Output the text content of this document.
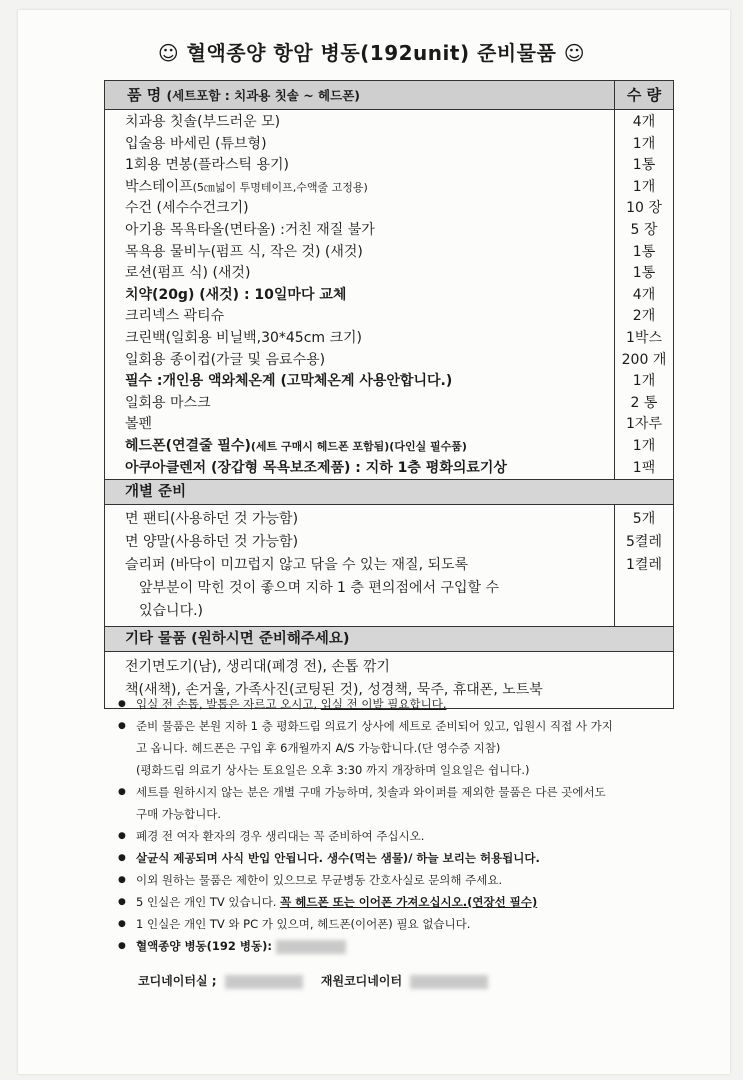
☺ 혈액종양 항암 병동(192unit) 준비물품 ☺
품 명 (세트포함 : 치과용 칫솔 ~ 헤드폰)	수 량
치과용 칫솔(부드러운 모)
입술용 바세린 (튜브형)
1회용 면봉(플라스틱 용기)
박스테이프(5㎝넓이 투명테이프,수액줄 고정용)
수건 (세수수건크기)
아기용 목욕타올(면타올) :거친 재질 불가
목욕용 물비누(펌프 식, 작은 것) (새것)
로션(펌프 식) (새것)
치약(20g) (새것) : 10일마다 교체
크리넥스 곽티슈
크린백(일회용 비닐백,30*45cm 크기)
일회용 종이컵(가글 및 음료수용)
필수 :개인용 액와체온계 (고막체온계 사용안합니다.)
일회용 마스크
볼펜
헤드폰(연결줄 필수)(세트 구매시 헤드폰 포함됨)(다인실 필수품)
아쿠아클렌저 (장갑형 목욕보조제품) : 지하 1층 평화의료기상
4개
1개
1통
1개
10 장
5 장
1통
1통
4개
2개
1박스
200 개
1개
2 통
1자루
1개
1팩
개별 준비
면 팬티(사용하던 것 가능함)
면 양말(사용하던 것 가능함)
슬리퍼 (바닥이 미끄럽지 않고 닦을 수 있는 재질, 되도록
앞부분이 막힌 것이 좋으며 지하 1 층 편의점에서 구입할 수
있습니다.)
5개
5켤레
1켤레
기타 물품 (원하시면 준비해주세요)
전기면도기(남), 생리대(폐경 전), 손톱 깎기
책(새책), 손거울, 가족사진(코팅된 것), 성경책, 묵주, 휴대폰, 노트북
● 입실 전 손톱, 발톱은 자르고 오시고, 입실 전 이발 필요합니다.
● 준비 물품은 본원 지하 1 층 평화드림 의료기 상사에 세트로 준비되어 있고, 입원시 직접 사 가지고 옵니다. 헤드폰은 구입 후 6개월까지 A/S 가능합니다.(단 영수증 지참)
(평화드림 의료기 상사는 토요일은 오후 3:30 까지 개장하며 일요일은 쉽니다.)
● 세트를 원하시지 않는 분은 개별 구매 가능하며, 칫솔과 와이퍼를 제외한 물품은 다른 곳에서도 구매 가능합니다.
● 폐경 전 여자 환자의 경우 생리대는 꼭 준비하여 주십시오.
● 살균식 제공되며 사식 반입 안됩니다. 생수(먹는 샘물)/ 하늘 보리는 허용됩니다.
● 이외 원하는 물품은 제한이 있으므로 무균병동 간호사실로 문의해 주세요.
● 5 인실은 개인 TV 있습니다. 꼭 헤드폰 또는 이어폰 가져오십시오.(연장선 필수)
● 1 인실은 개인 TV 와 PC 가 있으며, 헤드폰(이어폰) 필요 없습니다.
● 혈액종양 병동(192 병동):
코디네이터실 ;	재원코디네이터
